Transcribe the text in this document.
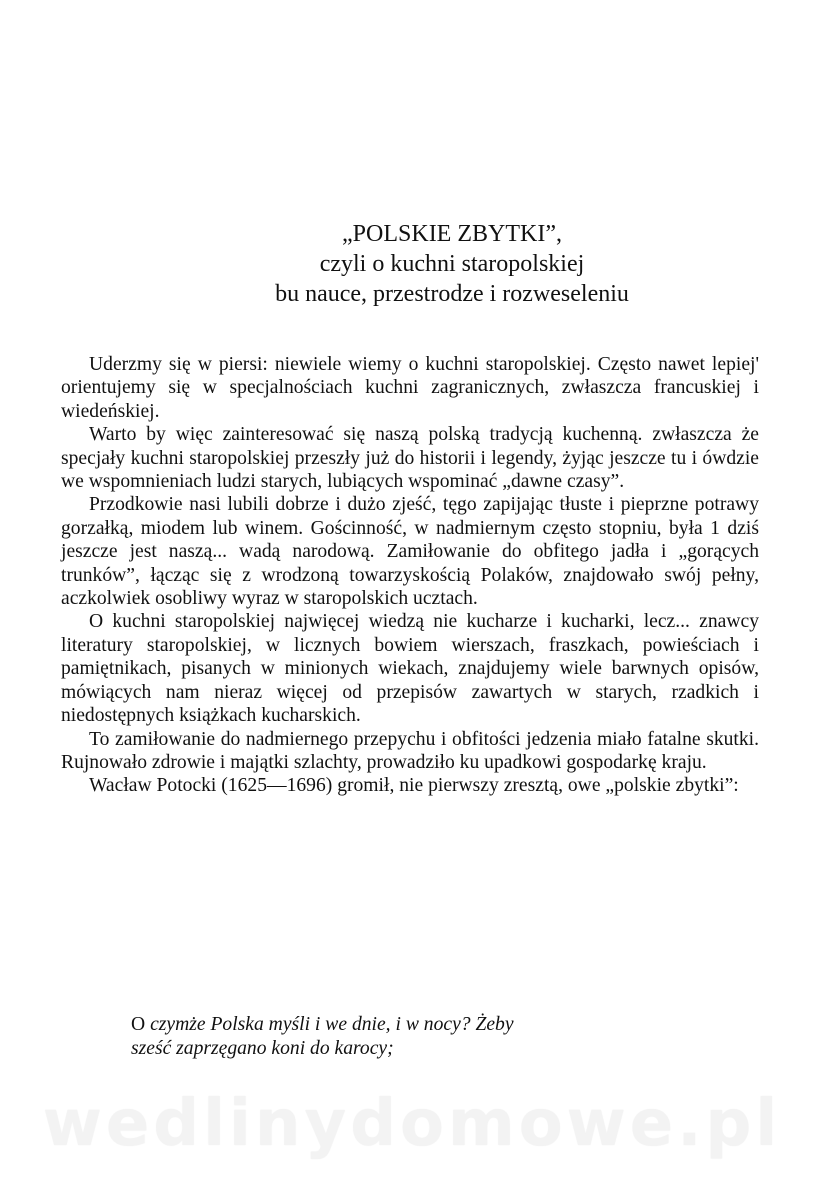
„POLSKIE ZBYTKI”,
czyli o kuchni staropolskiej
bu nauce, przestrodze i rozweseleniu

Uderzmy się w piersi: niewiele wiemy o kuchni staropolskiej. Często nawet lepiej' orientujemy się w specjalnościach kuchni zagranicznych, zwłaszcza francuskiej i wiedeńskiej.

Warto by więc zainteresować się naszą polską tradycją kuchenną. zwłaszcza że specjały kuchni staropolskiej przeszły już do historii i legendy, żyjąc jeszcze tu i ówdzie we wspomnieniach ludzi starych, lubiących wspominać „dawne czasy”.

Przodkowie nasi lubili dobrze i dużo zjeść, tęgo zapijając tłuste i pieprzne potrawy gorzałką, miodem lub winem. Gościnność, w nadmiernym często stopniu, była 1 dziś jeszcze jest naszą... wadą narodową. Zamiłowanie do obfitego jadła i „gorących trunków”, łącząc się z wrodzoną towarzyskością Polaków, znajdowało swój pełny, aczkolwiek osobliwy wyraz w staropolskich ucztach.

O kuchni staropolskiej najwięcej wiedzą nie kucharze i kucharki, lecz... znawcy literatury staropolskiej, w licznych bowiem wierszach, fraszkach, powieściach i pamiętnikach, pisanych w minionych wiekach, znajdujemy wiele barwnych opisów, mówiących nam nieraz więcej od przepisów zawartych w starych, rzadkich i niedostępnych książkach kucharskich.

To zamiłowanie do nadmiernego przepychu i obfitości jedzenia miało fatalne skutki. Rujnowało zdrowie i majątki szlachty, prowadziło ku upadkowi gospodarkę kraju.

Wacław Potocki (1625—1696) gromił, nie pierwszy zresztą, owe „polskie zbytki”:

O czymże Polska myśli i we dnie, i w nocy? Żeby
sześć zaprzęgano koni do karocy;
wedlinydomowe.pl
